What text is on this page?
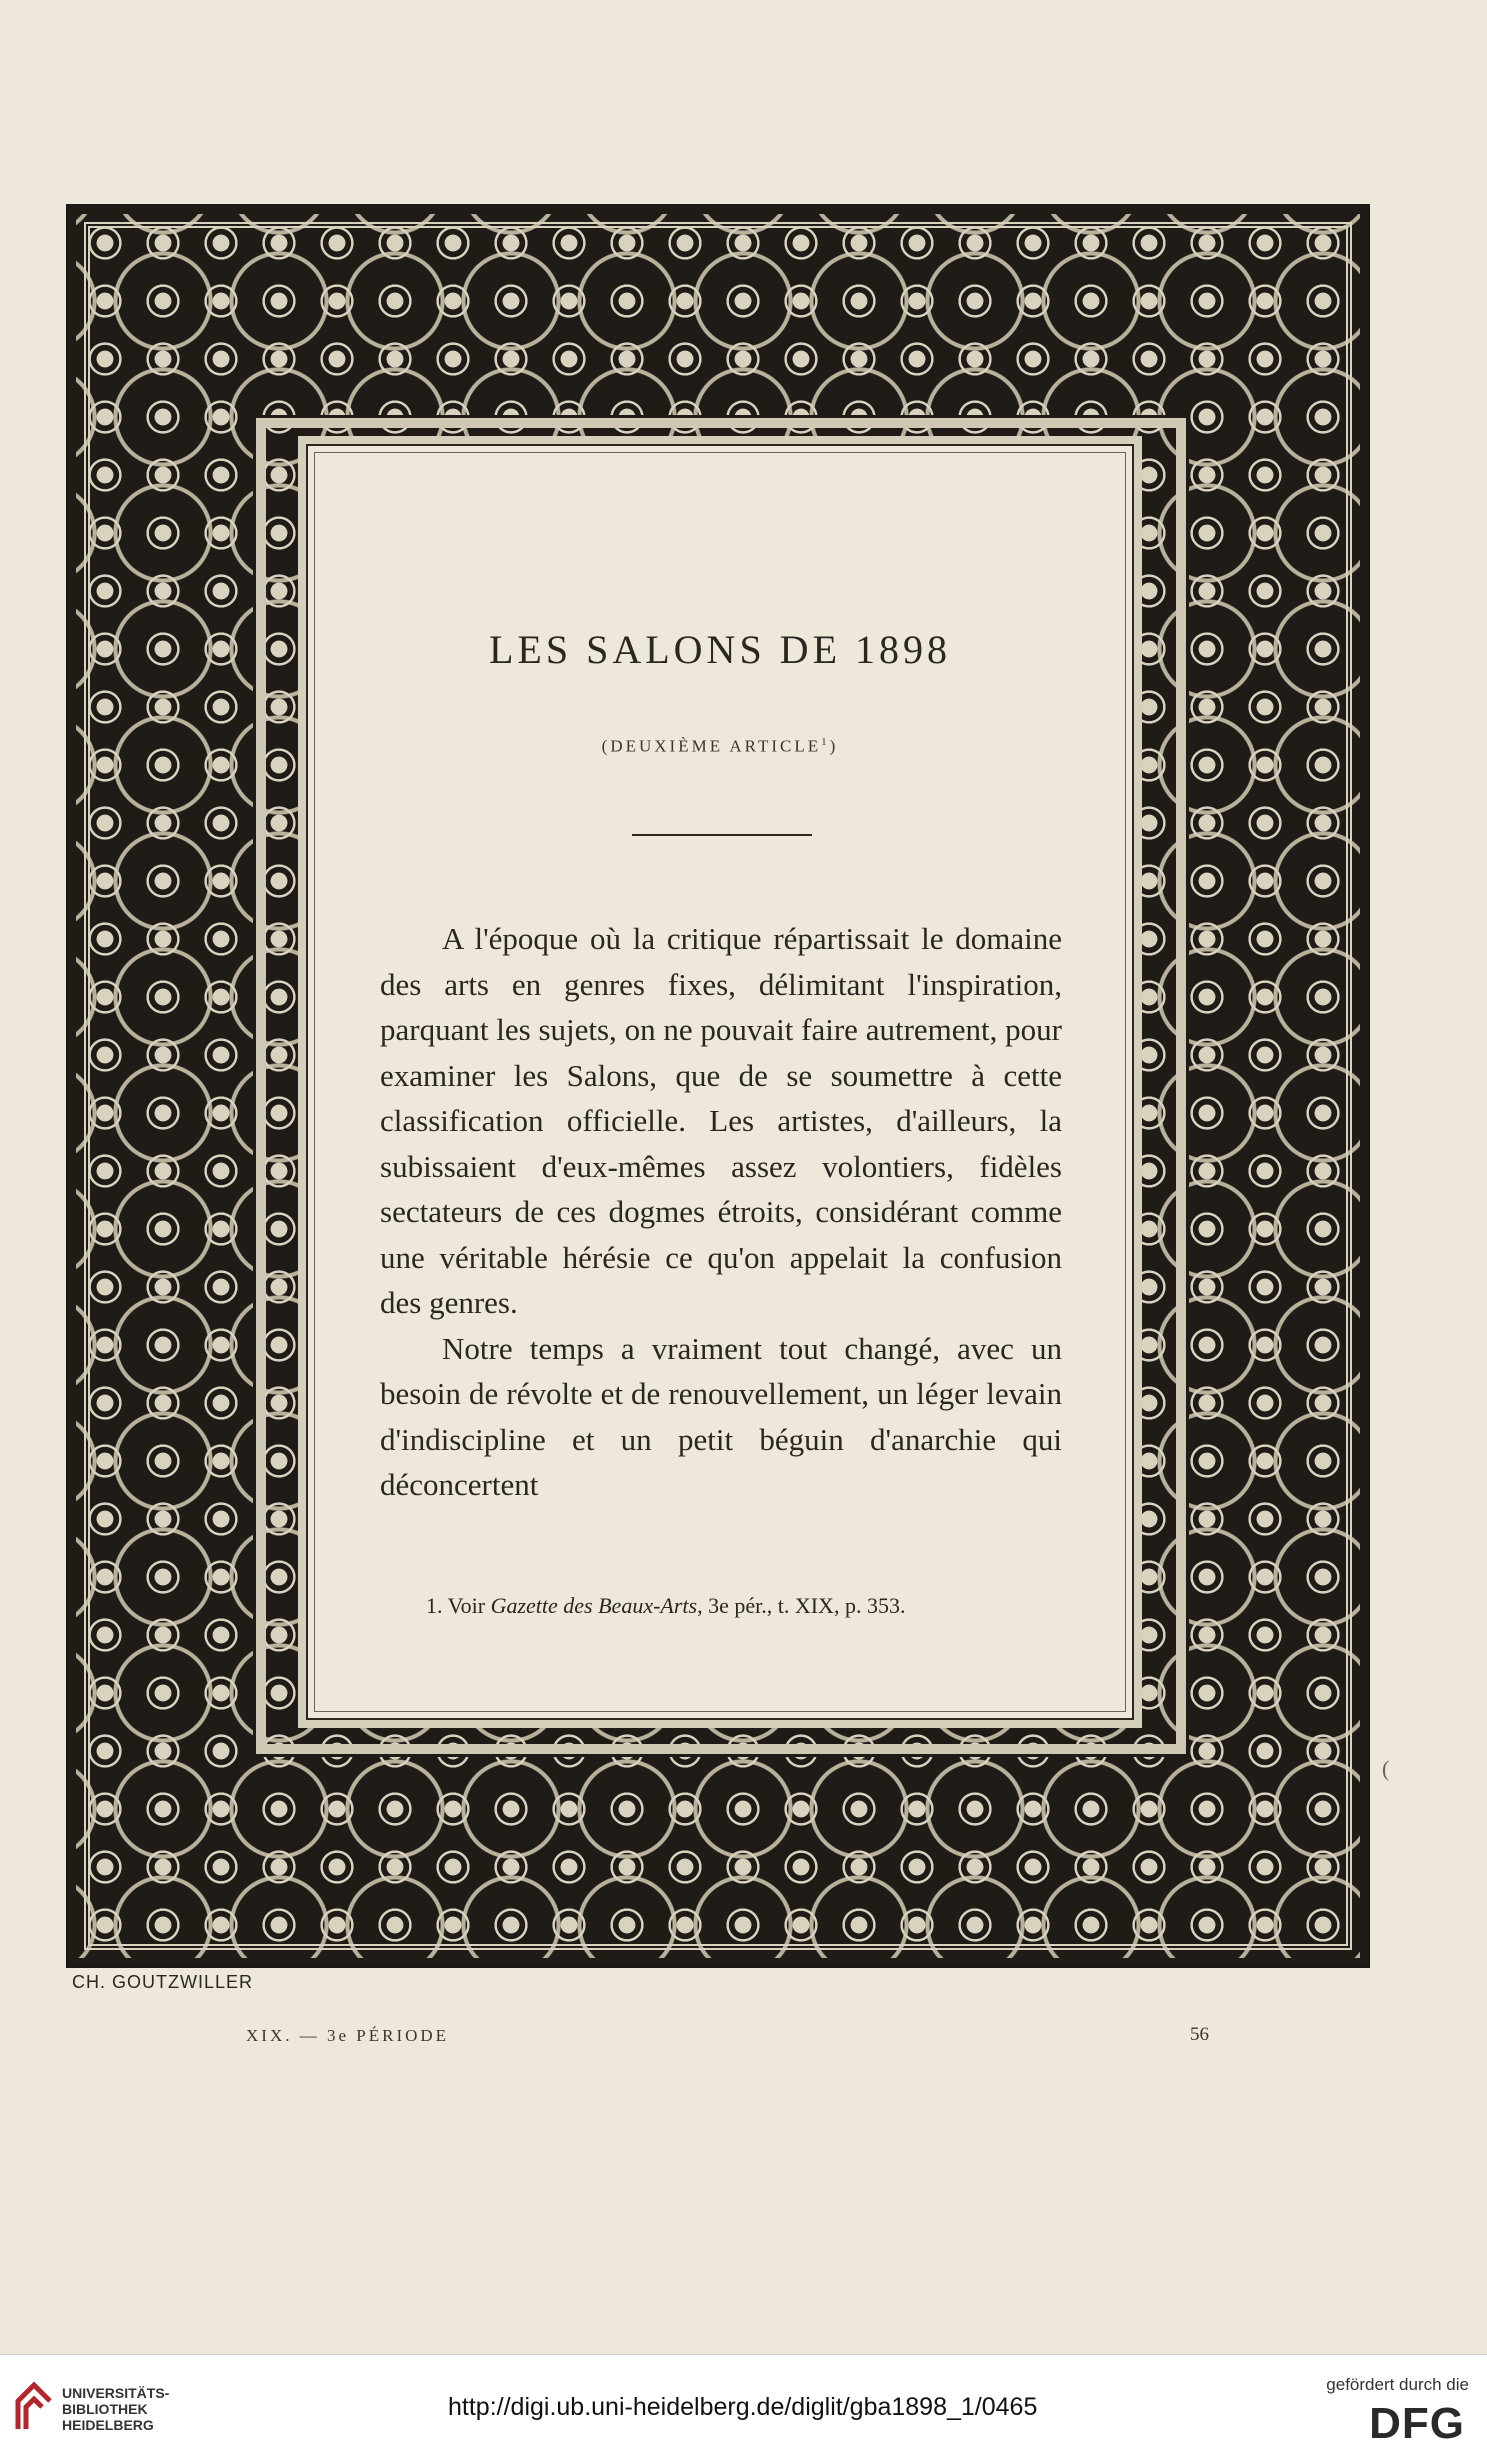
LES SALONS DE 1898
(DEUXIÈME ARTICLE$^1$)

A l'époque où la critique répartissait le domaine des arts en genres fixes, délimitant l'inspiration, parquant les sujets, on ne pouvait faire autrement, pour examiner les Salons, que de se soumettre à cette classification officielle. Les artistes, d'ailleurs, la subissaient d'eux-mêmes assez volontiers, fidèles sectateurs de ces dogmes étroits, considérant comme une véritable hérésie ce qu'on appelait la confusion des genres.

Notre temps a vraiment tout changé, avec un besoin de révolte et de renouvellement, un léger levain d'indiscipline et un petit béguin d'anarchie qui déconcertent

1. Voir Gazette des Beaux-Arts, 3e pér., t. XIX, p. 353.
(
CH. GOUTZWILLER
XIX. — 3e PÉRIODE	56
UNIVERSITÄTS-
BIBLIOTHEK
HEIDELBERG
http://digi.ub.uni-heidelberg.de/diglit/gba1898_1/0465
gefördert durch die
DFG
